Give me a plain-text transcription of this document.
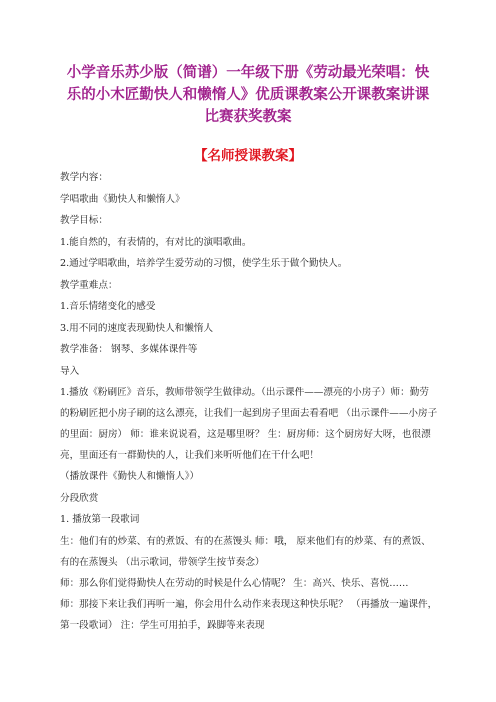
小学音乐苏少版（简谱）一年级下册《劳动最光荣唱：快乐的小木匠勤快人和懒惰人》优质课教案公开课教案讲课比赛获奖教案
【名师授课教案】

教学内容：

学唱歌曲《勤快人和懒惰人》

教学目标：

1.能自然的，有表情的，有对比的演唱歌曲。

2.通过学唱歌曲，培养学生爱劳动的习惯，使学生乐于做个勤快人。

教学重难点：

1.音乐情绪变化的感受

3.用不同的速度表现勤快人和懒惰人

教学准备： 钢琴、多媒体课件等

导入

1.播放《粉刷匠》音乐，教师带领学生做律动。（出示课件——漂亮的小房子）师：勤劳的粉刷匠把小房子刷的这么漂亮，让我们一起到房子里面去看看吧 （出示课件——小房子的里面：厨房） 师：谁来说说看，这是哪里呀？ 生：厨房师：这个厨房好大呀，也很漂亮，里面还有一群勤快的人，让我们来听听他们在干什么吧！

（播放课件《勤快人和懒惰人》）

分段欣赏

1. 播放第一段歌词

生：他们有的炒菜、有的煮饭、有的在蒸馒头 师：哦， 原来他们有的炒菜、有的煮饭、有的在蒸馒头 （出示歌词，带领学生按节奏念）

师：那么你们觉得勤快人在劳动的时候是什么心情呢？ 生：高兴、快乐、喜悦……

师：那接下来让我们再听一遍，你会用什么动作来表现这种快乐呢？ （再播放一遍课件，第一段歌词） 注：学生可用拍手，跺脚等来表现
